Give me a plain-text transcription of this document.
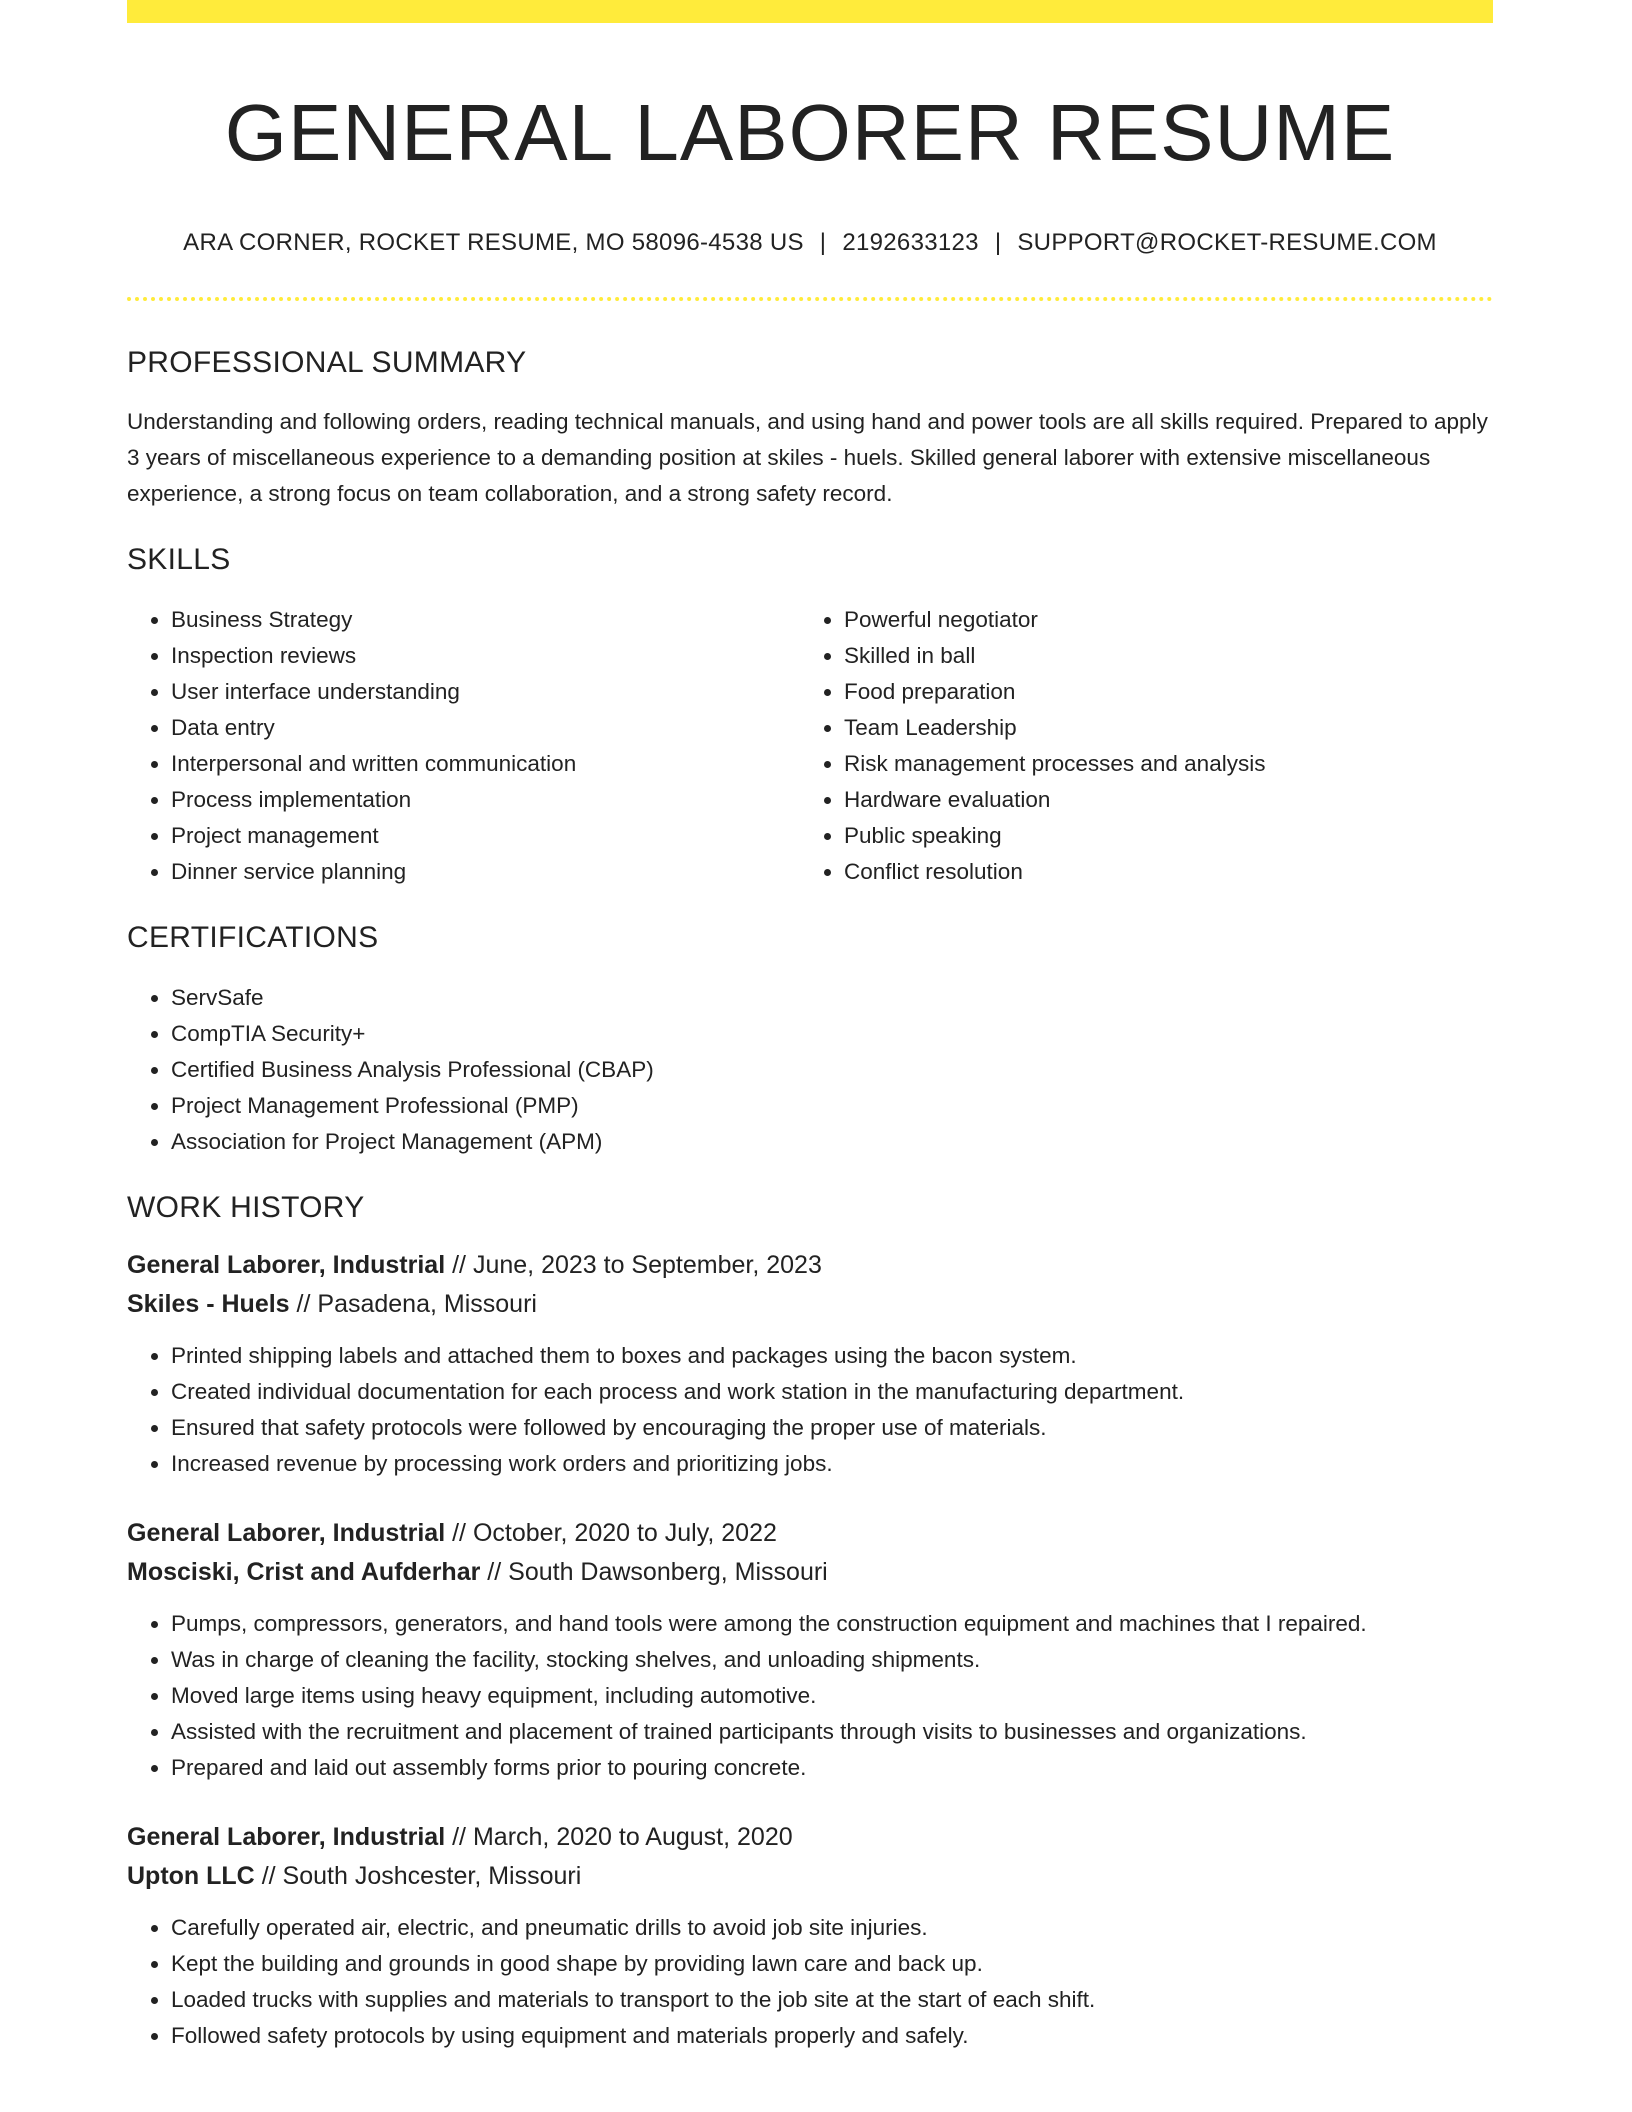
GENERAL LABORER RESUME
ARA CORNER, ROCKET RESUME, MO 58096-4538 US | 2192633123 | SUPPORT@ROCKET-RESUME.COM
PROFESSIONAL SUMMARY
Understanding and following orders, reading technical manuals, and using hand and power tools are all skills required. Prepared to apply 3 years of miscellaneous experience to a demanding position at skiles - huels. Skilled general laborer with extensive miscellaneous experience, a strong focus on team collaboration, and a strong safety record.
SKILLS
• Business Strategy
• Inspection reviews
• User interface understanding
• Data entry
• Interpersonal and written communication
• Process implementation
• Project management
• Dinner service planning
• Powerful negotiator
• Skilled in ball
• Food preparation
• Team Leadership
• Risk management processes and analysis
• Hardware evaluation
• Public speaking
• Conflict resolution
CERTIFICATIONS
• ServSafe
• CompTIA Security+
• Certified Business Analysis Professional (CBAP)
• Project Management Professional (PMP)
• Association for Project Management (APM)
WORK HISTORY
General Laborer, Industrial // June, 2023 to September, 2023
Skiles - Huels // Pasadena, Missouri
• Printed shipping labels and attached them to boxes and packages using the bacon system.
• Created individual documentation for each process and work station in the manufacturing department.
• Ensured that safety protocols were followed by encouraging the proper use of materials.
• Increased revenue by processing work orders and prioritizing jobs.
General Laborer, Industrial // October, 2020 to July, 2022
Mosciski, Crist and Aufderhar // South Dawsonberg, Missouri
• Pumps, compressors, generators, and hand tools were among the construction equipment and machines that I repaired.
• Was in charge of cleaning the facility, stocking shelves, and unloading shipments.
• Moved large items using heavy equipment, including automotive.
• Assisted with the recruitment and placement of trained participants through visits to businesses and organizations.
• Prepared and laid out assembly forms prior to pouring concrete.
General Laborer, Industrial // March, 2020 to August, 2020
Upton LLC // South Joshcester, Missouri
• Carefully operated air, electric, and pneumatic drills to avoid job site injuries.
• Kept the building and grounds in good shape by providing lawn care and back up.
• Loaded trucks with supplies and materials to transport to the job site at the start of each shift.
• Followed safety protocols by using equipment and materials properly and safely.
